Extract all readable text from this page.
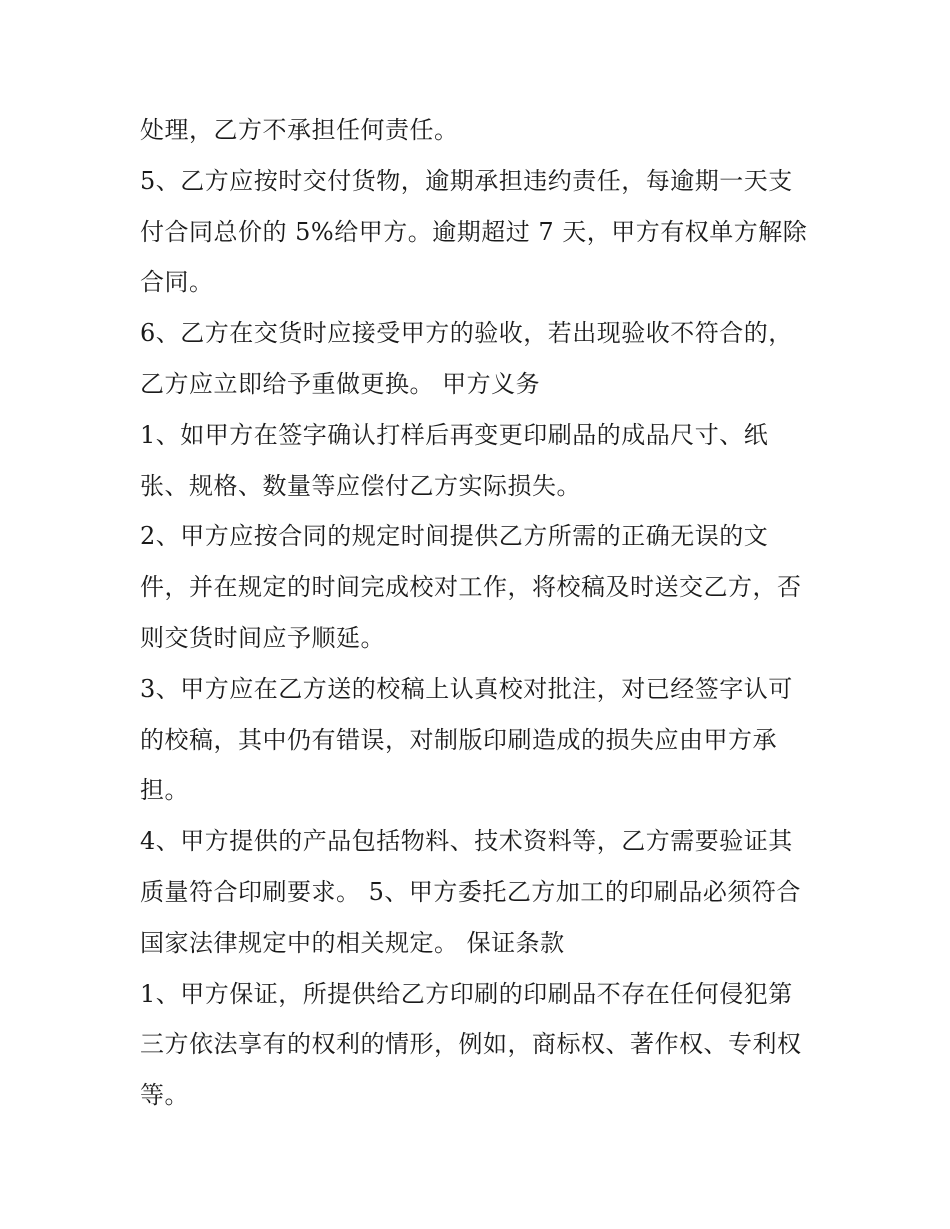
处理，乙方不承担任何责任。
5、乙方应按时交付货物，逾期承担违约责任，每逾期一天支
付合同总价的 5%给甲方。逾期超过 7 天，甲方有权单方解除
合同。
6、乙方在交货时应接受甲方的验收，若出现验收不符合的，
乙方应立即给予重做更换。 甲方义务
1、如甲方在签字确认打样后再变更印刷品的成品尺寸、纸
张、规格、数量等应偿付乙方实际损失。
2、甲方应按合同的规定时间提供乙方所需的正确无误的文
件，并在规定的时间完成校对工作，将校稿及时送交乙方，否
则交货时间应予顺延。
3、甲方应在乙方送的校稿上认真校对批注，对已经签字认可
的校稿，其中仍有错误，对制版印刷造成的损失应由甲方承
担。
4、甲方提供的产品包括物料、技术资料等，乙方需要验证其
质量符合印刷要求。 5、甲方委托乙方加工的印刷品必须符合
国家法律规定中的相关规定。 保证条款
1、甲方保证，所提供给乙方印刷的印刷品不存在任何侵犯第
三方依法享有的权利的情形，例如，商标权、著作权、专利权
等。
